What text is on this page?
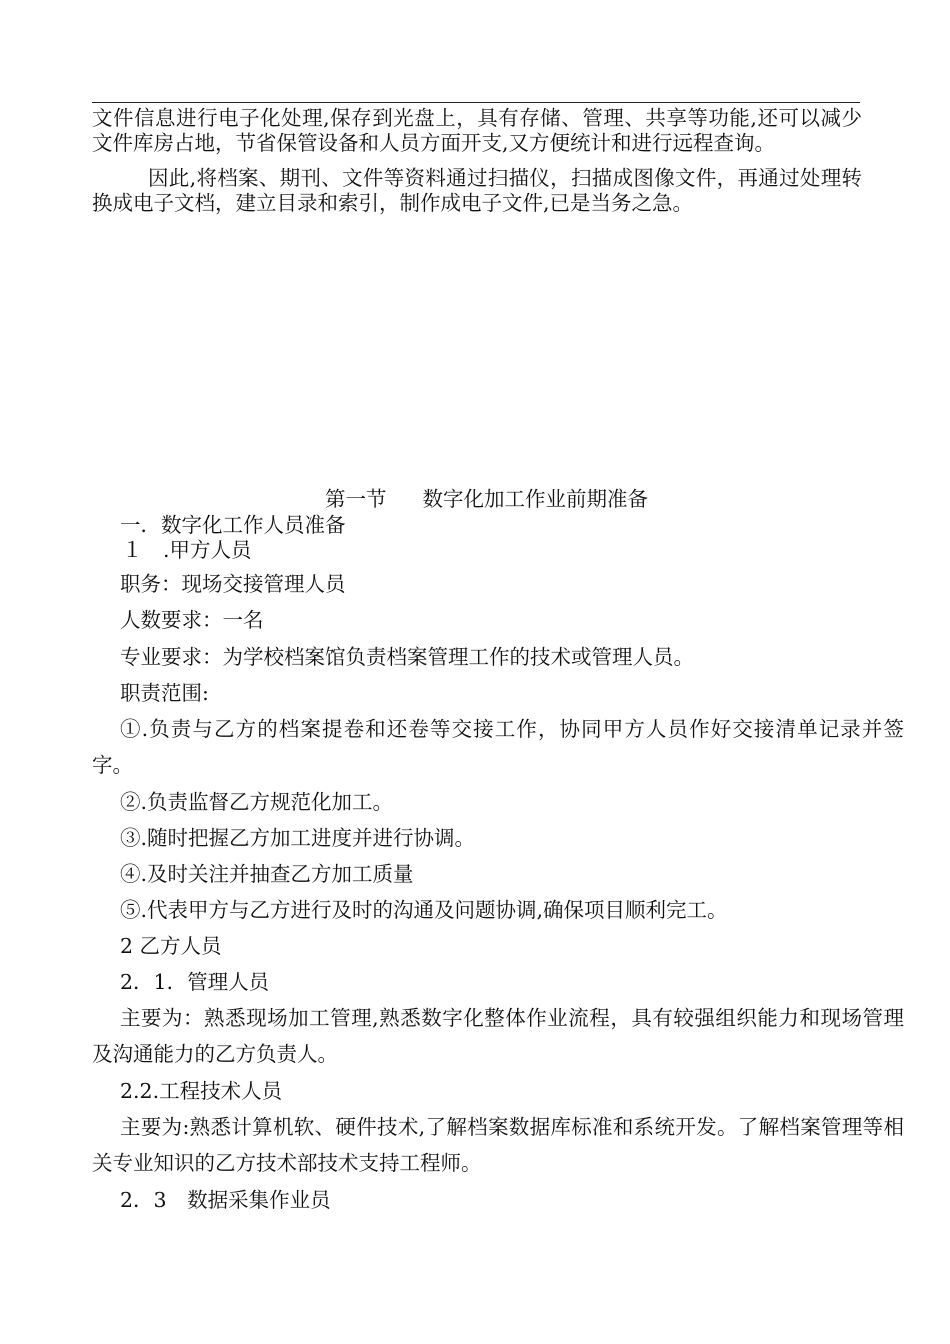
文件信息进行电子化处理,保存到光盘上，具有存储、管理、共享等功能,还可以减少文件库房占地，节省保管设备和人员方面开支,又方便统计和进行远程查询。

因此,将档案、期刊、文件等资料通过扫描仪，扫描成图像文件，再通过处理转换成电子文档，建立目录和索引，制作成电子文件,已是当务之急。

第一节 数字化加工作业前期准备
一．数字化工作人员准备
１　.甲方人员
职务：现场交接管理人员
人数要求：一名
专业要求：为学校档案馆负责档案管理工作的技术或管理人员。
职责范围:

①.负责与乙方的档案提卷和还卷等交接工作，协同甲方人员作好交接清单记录并签字。

②.负责监督乙方规范化加工。
③.随时把握乙方加工进度并进行协调。
④.及时关注并抽查乙方加工质量
⑤.代表甲方与乙方进行及时的沟通及问题协调,确保项目顺利完工。
2 乙方人员
2．1．管理人员

主要为：熟悉现场加工管理,熟悉数字化整体作业流程，具有较强组织能力和现场管理及沟通能力的乙方负责人。

2.2.工程技术人员

主要为:熟悉计算机软、硬件技术,了解档案数据库标准和系统开发。了解档案管理等相关专业知识的乙方技术部技术支持工程师。

2．3　数据采集作业员
